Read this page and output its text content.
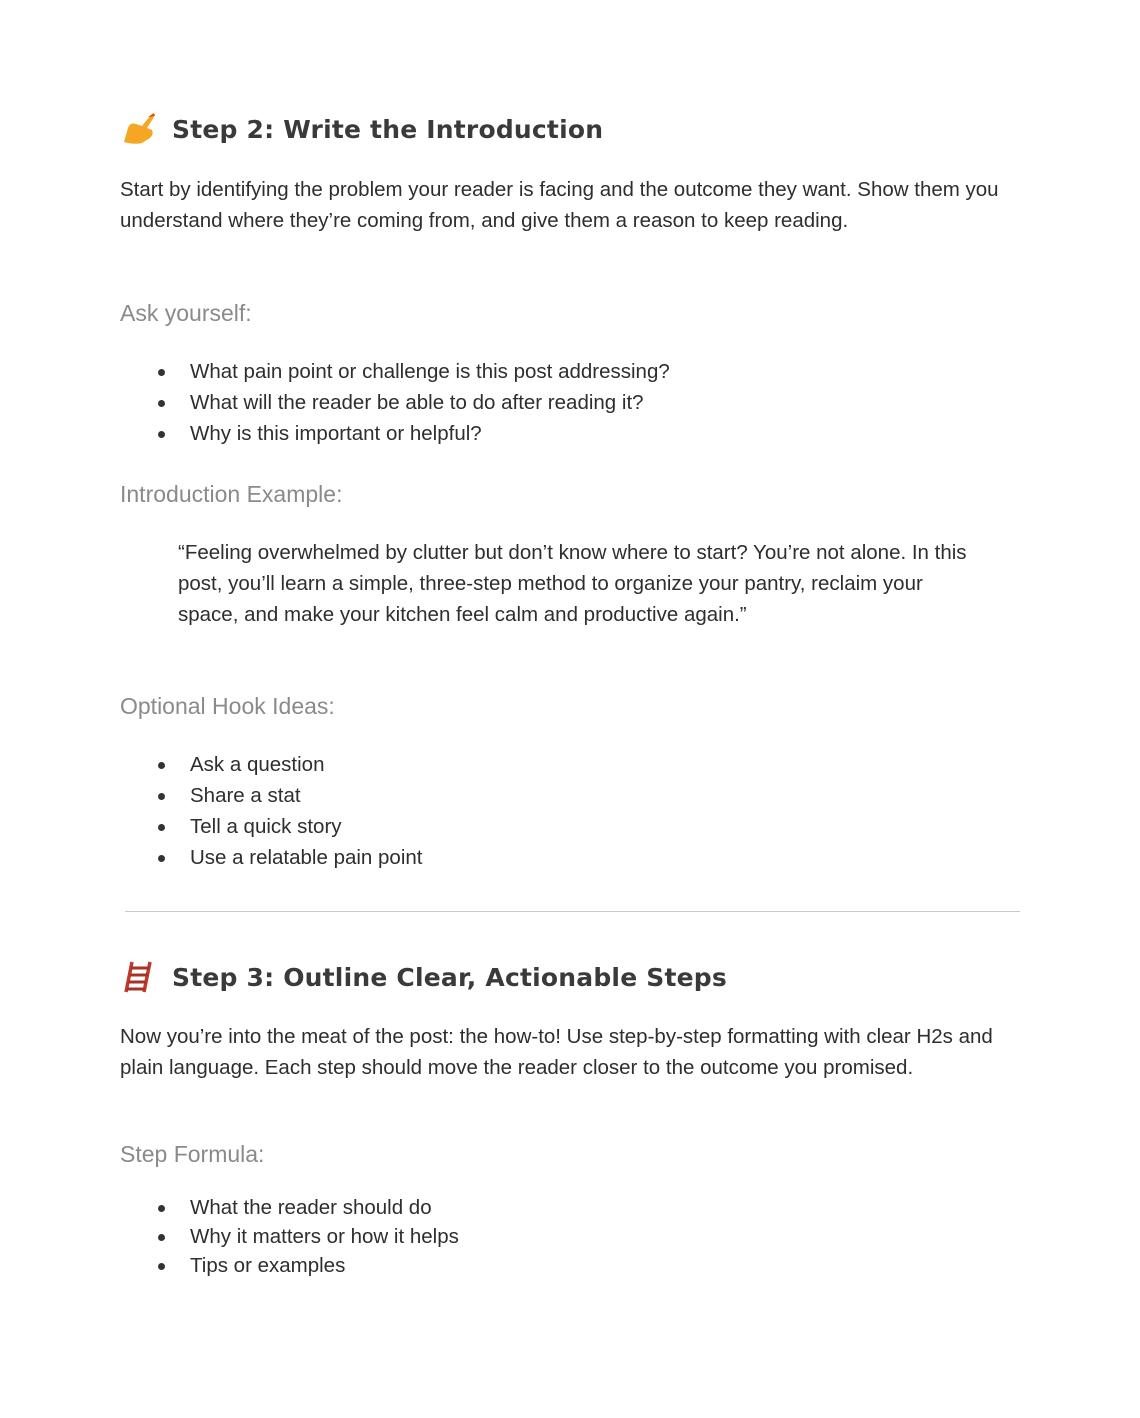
Step 2: Write the Introduction

Start by identifying the problem your reader is facing and the outcome they want. Show them you understand where they’re coming from, and give them a reason to keep reading.

Ask yourself:
What pain point or challenge is this post addressing?
What will the reader be able to do after reading it?
Why is this important or helpful?
Introduction Example:

“Feeling overwhelmed by clutter but don’t know where to start? You’re not alone. In this post, you’ll learn a simple, three-step method to organize your pantry, reclaim your space, and make your kitchen feel calm and productive again.”

Optional Hook Ideas:
Ask a question
Share a stat
Tell a quick story
Use a relatable pain point
Step 3: Outline Clear, Actionable Steps

Now you’re into the meat of the post: the how-to! Use step-by-step formatting with clear H2s and plain language. Each step should move the reader closer to the outcome you promised.

Step Formula:
What the reader should do
Why it matters or how it helps
Tips or examples
